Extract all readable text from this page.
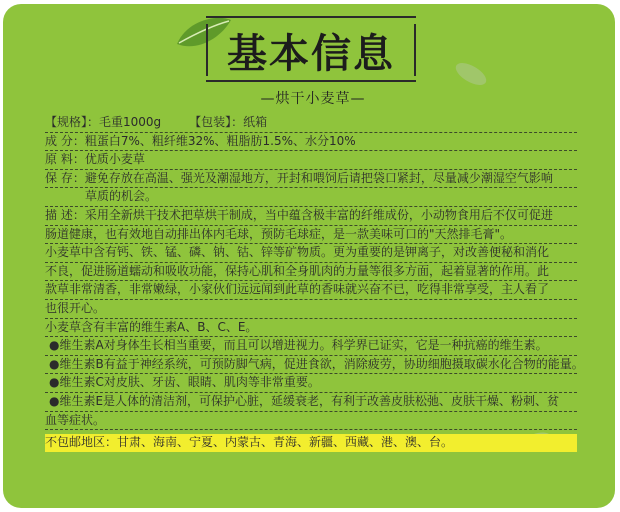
基本信息
—烘干小麦草—
【规格】：毛重1000g 【包装】：纸箱
成 分：粗蛋白7%、粗纤维32%、粗脂肪1.5%、水分10%
原 料：优质小麦草
保 存：避免存放在高温、强光及潮湿地方，开封和喂饲后请把袋口紧封，尽量减少潮湿空气影响
草质的机会。
描 述：采用全新烘干技术把草烘干制成，当中蕴含极丰富的纤维成份，小动物食用后不仅可促进
肠道健康，也有效地自动排出体内毛球，预防毛球症，是一款美味可口的"天然排毛膏"。
小麦草中含有钙、铁、锰、磷、钠、钴、锌等矿物质。更为重要的是钾离子，对改善便秘和消化
不良，促进肠道蠕动和吸收功能，保持心肌和全身肌肉的力量等很多方面，起着显著的作用。此
款草非常清香，非常嫩绿，小家伙们远远闻到此草的香味就兴奋不已，吃得非常享受，主人看了
也很开心。
小麦草含有丰富的维生素A、B、C、E。
●维生素A对身体生长相当重要，而且可以增进视力。科学界已证实，它是一种抗癌的维生素。
●维生素B有益于神经系统，可预防脚气病，促进食欲，消除疲劳，协助细胞摄取碳水化合物的能量。
●维生素C对皮肤、牙齿、眼睛、肌肉等非常重要。
●维生素E是人体的清洁剂，可保护心脏，延缓衰老，有利于改善皮肤松弛、皮肤干燥、粉刺、贫
血等症状。
不包邮地区：甘肃、海南、宁夏、内蒙古、青海、新疆、西藏、港、澳、台。
